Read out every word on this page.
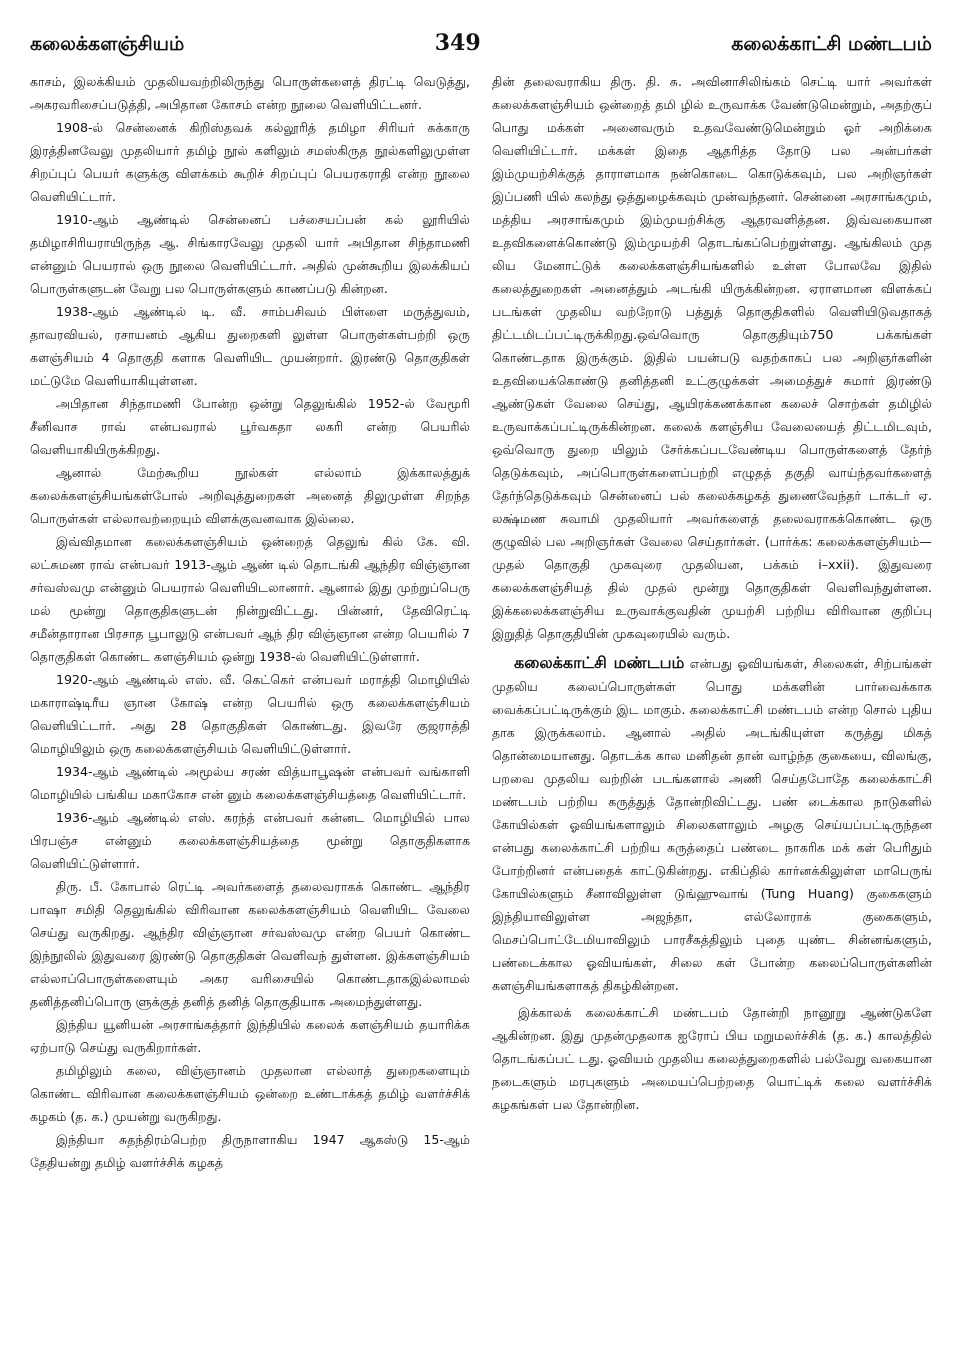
கலைக்களஞ்சியம்	349	கலைக்காட்சி மண்டபம்

காசம், இலக்கியம் முதலியவற்றிலிருந்து பொருள்களைத் திரட்டி வெடுத்து, அகரவரிசைப்படுத்தி, அபிதான கோசம் என்ற நூலை வெளியிட்டனர்.

1908-ல் சென்னைக் கிறிஸ்தவக் கல்லூரித் தமிழா சிரியர் சுக்காரு இரத்தினவேலு முதலியார் தமிழ் நூல் களிலும் சமஸ்கிருத நூல்களிலுமுள்ள சிறப்புப் பெயர் களுக்கு விளக்கம் கூறிச் சிறப்புப் பெயரகராதி என்ற நூலை வெளியிட்டார்.

1910-ஆம் ஆண்டில் சென்னைப் பச்சையப்பன் கல் லூரியில் தமிழாசிரியராயிருந்த ஆ. சிங்காரவேலு முதலி யார் அபிதான சிந்தாமணி என்னும் பெயரால் ஒரு நூலை வெளியிட்டார். அதில் முன்கூறிய இலக்கியப் பொருள்களுடன் வேறு பல பொருள்களும் காணப்படு கின்றன.

1938-ஆம் ஆண்டில் டி. வீ. சாம்பசிவம் பிள்ளை மருத்துவம், தாவரவியல், ரசாயனம் ஆகிய துறைகளி லுள்ள பொருள்கள்பற்றி ஒரு களஞ்சியம் 4 தொகுதி களாக வெளியிட முயன்றார். இரண்டு தொகுதிகள் மட்டுமே வெளியாகியுள்ளன.

அபிதான சிந்தாமணி போன்ற ஒன்று தெலுங்கில் 1952-ல் வேமூரி சீனிவாச ராவ் என்பவரால் பூர்வகதா லகரி என்ற பெயரில் வெளியாகியிருக்கிறது.

ஆனால் மேற்கூறிய நூல்கள் எல்லாம் இக்காலத்துக் கலைக்களஞ்சியங்கள்போல் அறிவுத்துறைகள் அனைத் திலுமுள்ள சிறந்த பொருள்கள் எல்லாவற்றையும் விளக்குவனவாக இல்லை.

இவ்விதமான கலைக்களஞ்சியம் ஒன்றைத் தெலுங் கில் கே. வி. லட்சுமண ராவ் என்பவர் 1913-ஆம் ஆண் டில் தொடங்கி ஆந்திர விஞ்ஞான சர்வஸ்வமு என்னும் பெயரால் வெளியிடலானார். ஆனால் இது முற்றுப்பெரு மல் மூன்று தொகுதிகளுடன் நின்றுவிட்டது. பின்னர், தேவிரெட்டி சமீன்தாரான பிரசாத பூபாலுடு என்பவர் ஆந் திர விஞ்ஞான என்ற பெயரில் 7 தொகுதிகள் கொண்ட களஞ்சியம் ஒன்று 1938-ல் வெளியிட்டுள்ளார்.

1920-ஆம் ஆண்டில் எஸ். வீ. கெட்கெர் என்பவர் மராத்தி மொழியில் மகாராஷ்டிரீய ஞான கோஷ் என்ற பெயரில் ஒரு கலைக்களஞ்சியம் வெளியிட்டார். அது 28 தொகுதிகள் கொண்டது. இவரே குஜராத்தி மொழியிலும் ஒரு கலைக்களஞ்சியம் வெளியிட்டுள்ளார்.

1934-ஆம் ஆண்டில் அமூல்ய சரண் வித்யாபூஷன் என்பவர் வங்காளி மொழியில் பங்கிய மகாகோச என் னும் கலைக்களஞ்சியத்தை வெளியிட்டார்.

1936-ஆம் ஆண்டில் எஸ். கரந்த் என்பவர் கன்னட மொழியில் பால பிரபஞ்ச என்னும் கலைக்களஞ்சியத்தை மூன்று தொகுதிகளாக வெளியிட்டுள்ளார்.

திரு. பீ. கோபால் ரெட்டி அவர்களைத் தலைவராகக் கொண்ட ஆந்திர பாஷா சமிதி தெலுங்கில் விரிவான கலைக்களஞ்சியம் வெளியிட வேலை செய்து வருகிறது. ஆந்திர விஞ்ஞான சர்வஸ்வமு என்ற பெயர் கொண்ட இந்நூலில் இதுவரை இரண்டு தொகுதிகள் வெளிவந் துள்ளன. இக்களஞ்சியம் எல்லாப்பொருள்களையும் அகர வரிசையில் கொண்டதாகஇல்லாமல் தனித்தனிப்பொரு ளுக்குத் தனித் தனித் தொகுதியாக அமைந்துள்ளது.

இந்திய யூனியன் அரசாங்கத்தார் இந்தியில் கலைக் களஞ்சியம் தயாரிக்க ஏற்பாடு செய்து வருகிறார்கள்.

தமிழிலும் கலை, விஞ்ஞானம் முதலான எல்லாத் துறைகளையும் கொண்ட விரிவான கலைக்களஞ்சியம் ஒன்றை உண்டாக்கத் தமிழ் வளர்ச்சிக் கழகம் (த. க.) முயன்று வருகிறது.

இந்தியா சுதந்திரம்பெற்ற திருநாளாகிய 1947 ஆகஸ்டு 15-ஆம் தேதியன்று தமிழ் வளர்ச்சிக் கழகத்

தின் தலைவராகிய திரு. தி. சு. அவினாசிலிங்கம் செட்டி யார் அவர்கள் கலைக்களஞ்சியம் ஒன்றைத் தமி ழில் உருவாக்க வேண்டுமென்றும், அதற்குப் பொது மக்கள் அனைவரும் உதவவேண்டுமென்றும் ஓர் அறிக்கை வெளியிட்டார். மக்கள் இதை ஆதரித்த தோடு பல அன்பர்கள் இம்முயற்சிக்குத் தாராளமாக நன்கொடை கொடுக்கவும், பல அறிஞர்கள் இப்பணி யில் கலந்து ஒத்துழைக்கவும் முன்வந்தனர். சென்னை அரசாங்கமும், மத்திய அரசாங்கமும் இம்முயற்சிக்கு ஆதரவளித்தன. இவ்வகையான உதவிகளைக்கொண்டு இம்முயற்சி தொடங்கப்பெற்றுள்ளது. ஆங்கிலம் முத லிய மேனாட்டுக் கலைக்களஞ்சியங்களில் உள்ள போலவே இதில் கலைத்துறைகள் அனைத்தும் அடங்கி யிருக்கின்றன. ஏராளமான விளக்கப் படங்கள் முதலிய வற்றோடு பத்துத் தொகுதிகளில் வெளியிடுவதாகத் திட்டமிடப்பட்டிருக்கிறது.ஒவ்வொரு தொகுதியும்750 பக்கங்கள் கொண்டதாக இருக்கும். இதில் பயன்படு வதற்காகப் பல அறிஞர்களின் உதவியைக்கொண்டு தனித்தனி உட்குழுக்கள் அமைத்துச் சுமார் இரண்டு ஆண்டுகள் வேலை செய்து, ஆயிரக்கணக்கான கலைச் சொற்கள் தமிழில் உருவாக்கப்பட்டிருக்கின்றன. கலைக் களஞ்சிய வேலையைத் திட்டமிடவும், ஒவ்வொரு துறை யிலும் சேர்க்கப்படவேண்டிய பொருள்களைத் தேர்ந் தெடுக்கவும், அப்பொருள்களைப்பற்றி எழுதத் தகுதி வாய்ந்தவர்களைத் தேர்ந்தெடுக்கவும் சென்னைப் பல் கலைக்கழகத் துணைவேந்தர் டாக்டர் ஏ. லக்ஷ்மண சுவாமி முதலியார் அவர்களைத் தலைவராகக்கொண்ட ஒரு குழுவில் பல அறிஞர்கள் வேலை செய்தார்கள். (பார்க்க: கலைக்களஞ்சியம்—முதல் தொகுதி முகவுரை முதலியன, பக்கம் i–xxii). இதுவரை கலைக்களஞ்சியத் தில் முதல் மூன்று தொகுதிகள் வெளிவந்துள்ளன. இக்கலைக்களஞ்சிய உருவாக்குவதின் முயற்சி பற்றிய விரிவான குறிப்பு இறுதித் தொகுதியின் முகவுரையில் வரும்.

கலைக்காட்சி மண்டபம் என்பது ஓவியங்கள், சிலைகள், சிற்பங்கள் முதலிய கலைப்பொருள்கள் பொது மக்களின் பார்வைக்காக வைக்கப்பட்டிருக்கும் இட மாகும். கலைக்காட்சி மண்டபம் என்ற சொல் புதிய தாக இருக்கலாம். ஆனால் அதில் அடங்கியுள்ள கருத்து மிகத் தொன்மையானது. தொடக்க கால மனிதன் தான் வாழ்ந்த குகையை, விலங்கு, பறவை முதலிய வற்றின் படங்களால் அணி செய்தபோதே கலைக்காட்சி மண்டபம் பற்றிய கருத்துத் தோன்றிவிட்டது. பண் டைக்கால நாடுகளில் கோயில்கள் ஓவியங்களாலும் சிலைகளாலும் அழகு செய்யப்பட்டிருந்தன என்பது கலைக்காட்சி பற்றிய கருத்தைப் பண்டை நாகரிக மக் கள் பெரிதும் போற்றினர் என்பதைக் காட்டுகின்றது. எகிப்தில் கார்னக்கிலுள்ள மாபெருங் கோயில்களும் சீனாவிலுள்ள டுங்ஹுவாங் (Tung Huang) குகைகளும் இந்தியாவிலுள்ள அஜந்தா, எல்லோராக் குகைகளும், மெசப்பொட்டேமியாவிலும் பாரசீகத்திலும் புதை யுண்ட சின்னங்களும், பண்டைக்கால ஓவியங்கள், சிலை கள் போன்ற கலைப்பொருள்களின் களஞ்சியங்களாகத் திகழ்கின்றன.

இக்காலக் கலைக்காட்சி மண்டபம் தோன்றி நானூறு ஆண்டுகளே ஆகின்றன. இது முதன்முதலாக ஐரோப் பிய மறுமலர்ச்சிக் (த. க.) காலத்தில் தொடங்கப்பட் டது. ஓவியம் முதலிய கலைத்துறைகளில் பல்வேறு வகையான நடைகளும் மரபுகளும் அமையப்பெற்றதை யொட்டிக் கலை வளர்ச்சிக் கழகங்கள் பல தோன்றின.
